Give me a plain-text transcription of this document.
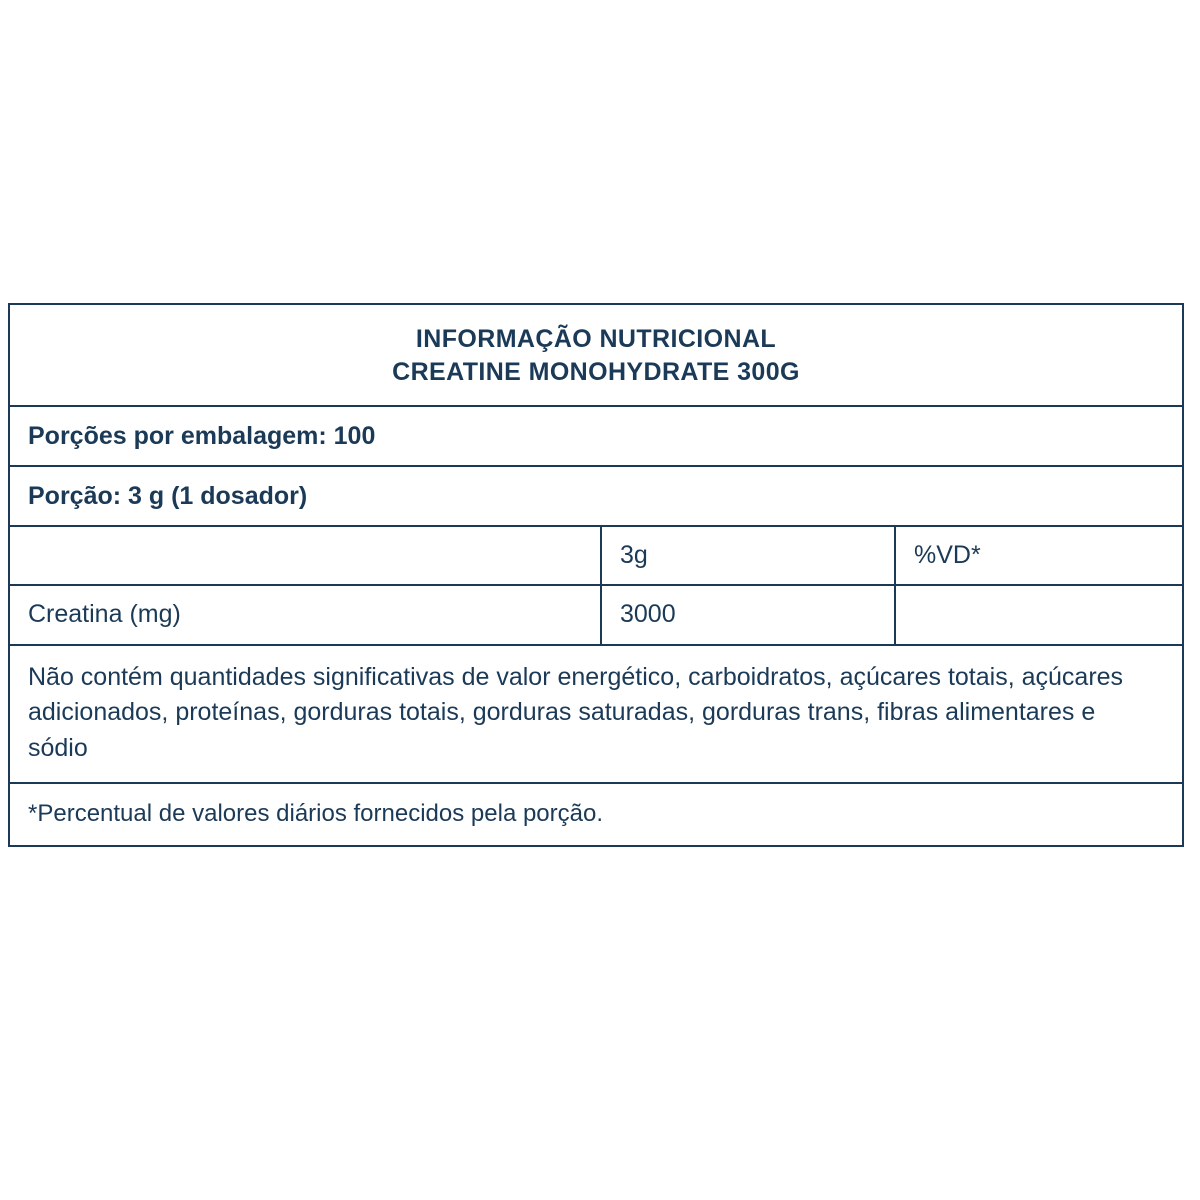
INFORMAÇÃO NUTRICIONAL
CREATINE MONOHYDRATE 300G
Porções por embalagem: 100
Porção: 3 g (1 dosador)
3g	%VD*
Creatina (mg)	3000
Não contém quantidades significativas de valor energético, carboidratos, açúcares totais, açúcares adicionados, proteínas, gorduras totais, gorduras saturadas, gorduras trans, fibras alimentares e sódio
*Percentual de valores diários fornecidos pela porção.
